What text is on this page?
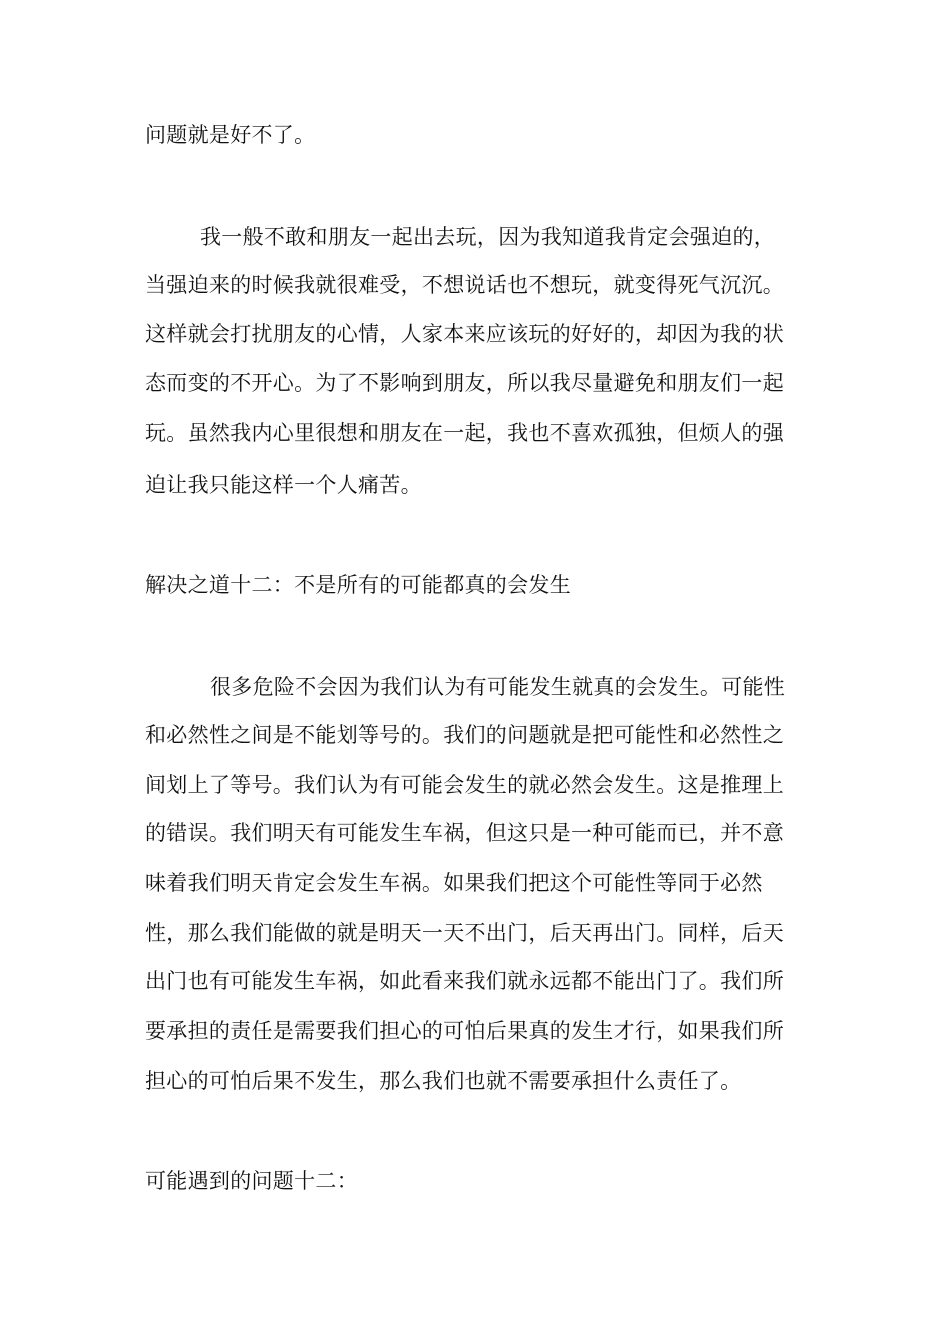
问题就是好不了。
我一般不敢和朋友一起出去玩，因为我知道我肯定会强迫的，
当强迫来的时候我就很难受，不想说话也不想玩，就变得死气沉沉。
这样就会打扰朋友的心情，人家本来应该玩的好好的，却因为我的状
态而变的不开心。为了不影响到朋友，所以我尽量避免和朋友们一起
玩。虽然我内心里很想和朋友在一起，我也不喜欢孤独，但烦人的强
迫让我只能这样一个人痛苦。
解决之道十二：不是所有的可能都真的会发生
很多危险不会因为我们认为有可能发生就真的会发生。可能性
和必然性之间是不能划等号的。我们的问题就是把可能性和必然性之
间划上了等号。我们认为有可能会发生的就必然会发生。这是推理上
的错误。我们明天有可能发生车祸，但这只是一种可能而已，并不意
味着我们明天肯定会发生车祸。如果我们把这个可能性等同于必然
性，那么我们能做的就是明天一天不出门，后天再出门。同样，后天
出门也有可能发生车祸，如此看来我们就永远都不能出门了。我们所
要承担的责任是需要我们担心的可怕后果真的发生才行，如果我们所
担心的可怕后果不发生，那么我们也就不需要承担什么责任了。
可能遇到的问题十二：
